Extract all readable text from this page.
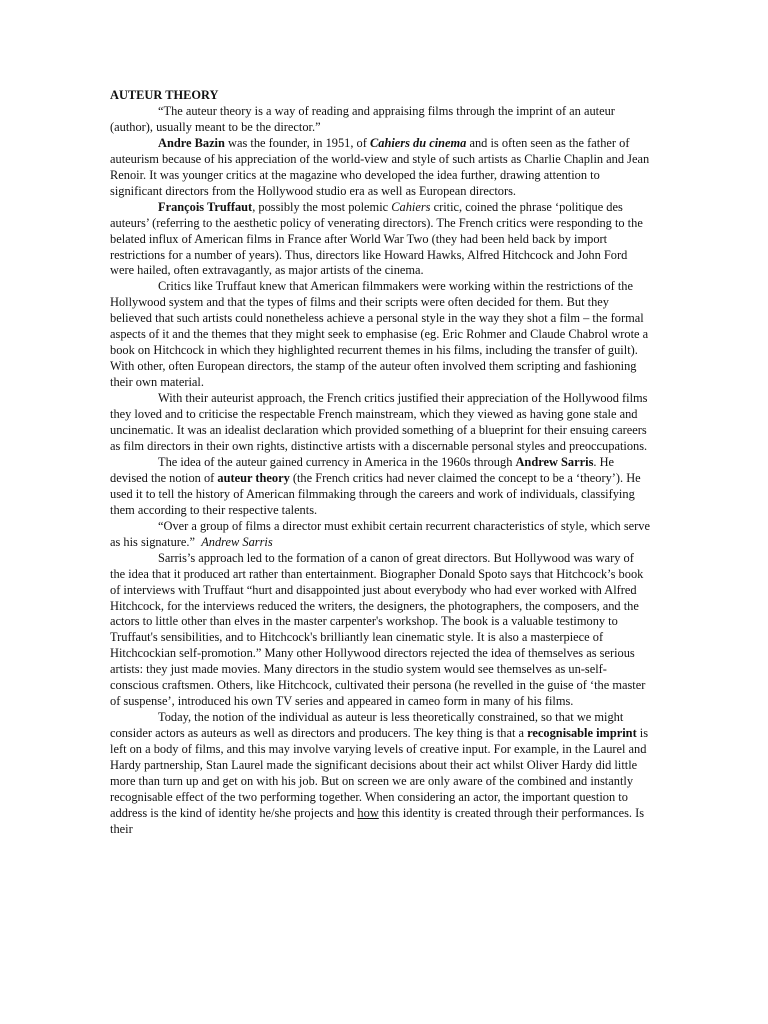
AUTEUR THEORY

“The auteur theory is a way of reading and appraising films through the imprint of an auteur (author), usually meant to be the director.”

Andre Bazin was the founder, in 1951, of Cahiers du cinema and is often seen as the father of auteurism because of his appreciation of the world-view and style of such artists as Charlie Chaplin and Jean Renoir. It was younger critics at the magazine who developed the idea further, drawing attention to significant directors from the Hollywood studio era as well as European directors.

François Truffaut, possibly the most polemic Cahiers critic, coined the phrase ‘politique des auteurs’ (referring to the aesthetic policy of venerating directors). The French critics were responding to the belated influx of American films in France after World War Two (they had been held back by import restrictions for a number of years). Thus, directors like Howard Hawks, Alfred Hitchcock and John Ford were hailed, often extravagantly, as major artists of the cinema.

Critics like Truffaut knew that American filmmakers were working within the restrictions of the Hollywood system and that the types of films and their scripts were often decided for them. But they believed that such artists could nonetheless achieve a personal style in the way they shot a film – the formal aspects of it and the themes that they might seek to emphasise (eg. Eric Rohmer and Claude Chabrol wrote a book on Hitchcock in which they highlighted recurrent themes in his films, including the transfer of guilt). With other, often European directors, the stamp of the auteur often involved them scripting and fashioning their own material.

With their auteurist approach, the French critics justified their appreciation of the Hollywood films they loved and to criticise the respectable French mainstream, which they viewed as having gone stale and uncinematic. It was an idealist declaration which provided something of a blueprint for their ensuing careers as film directors in their own rights, distinctive artists with a discernable personal styles and preoccupations.

The idea of the auteur gained currency in America in the 1960s through Andrew Sarris. He devised the notion of auteur theory (the French critics had never claimed the concept to be a ‘theory’). He used it to tell the history of American filmmaking through the careers and work of individuals, classifying them according to their respective talents.

“Over a group of films a director must exhibit certain recurrent characteristics of style, which serve as his signature.” Andrew Sarris

Sarris’s approach led to the formation of a canon of great directors. But Hollywood was wary of the idea that it produced art rather than entertainment. Biographer Donald Spoto says that Hitchcock’s book of interviews with Truffaut “hurt and disappointed just about everybody who had ever worked with Alfred Hitchcock, for the interviews reduced the writers, the designers, the photographers, the composers, and the actors to little other than elves in the master carpenter's workshop. The book is a valuable testimony to Truffaut's sensibilities, and to Hitchcock's brilliantly lean cinematic style. It is also a masterpiece of Hitchcockian self-promotion.” Many other Hollywood directors rejected the idea of themselves as serious artists: they just made movies. Many directors in the studio system would see themselves as un-self-conscious craftsmen. Others, like Hitchcock, cultivated their persona (he revelled in the guise of ‘the master of suspense’, introduced his own TV series and appeared in cameo form in many of his films.

Today, the notion of the individual as auteur is less theoretically constrained, so that we might consider actors as auteurs as well as directors and producers. The key thing is that a recognisable imprint is left on a body of films, and this may involve varying levels of creative input. For example, in the Laurel and Hardy partnership, Stan Laurel made the significant decisions about their act whilst Oliver Hardy did little more than turn up and get on with his job. But on screen we are only aware of the combined and instantly recognisable effect of the two performing together. When considering an actor, the important question to address is the kind of identity he/she projects and how this identity is created through their performances. Is their
